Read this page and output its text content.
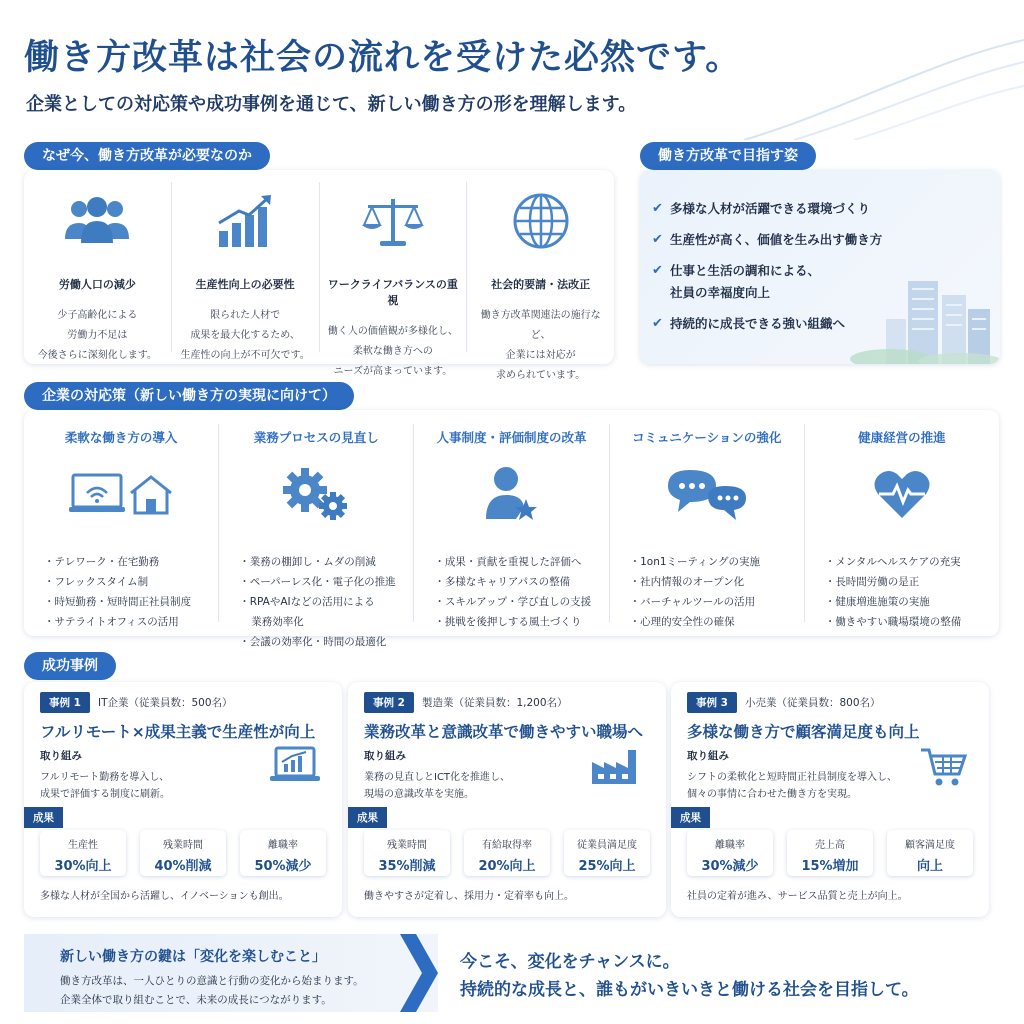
働き方改革は社会の流れを受けた必然です。
企業としての対応策や成功事例を通じて、新しい働き方の形を理解します。
なぜ今、働き方改革が必要なのか
労働人口の減少
少子高齢化による
労働力不足は
今後さらに深刻化します。
生産性向上の必要性
限られた人材で
成果を最大化するため、
生産性の向上が不可欠です。
ワークライフバランスの重視
働く人の価値観が多様化し、
柔軟な働き方への
ニーズが高まっています。
社会的要請・法改正
働き方改革関連法の施行など、
企業には対応が
求められています。
働き方改革で目指す姿
✔ 多様な人材が活躍できる環境づくり
✔ 生産性が高く、価値を生み出す働き方
✔ 仕事と生活の調和による、
社員の幸福度向上
✔ 持続的に成長できる強い組織へ
企業の対応策（新しい働き方の実現に向けて）
柔軟な働き方の導入
・ テレワーク・在宅勤務
・ フレックスタイム制
・ 時短勤務・短時間正社員制度
・ サテライトオフィスの活用
業務プロセスの見直し
・ 業務の棚卸し・ムダの削減
・ ペーパーレス化・電子化の推進
・ RPAやAIなどの活用による
業務効率化
・ 会議の効率化・時間の最適化
人事制度・評価制度の改革
・ 成果・貢献を重視した評価へ
・ 多様なキャリアパスの整備
・ スキルアップ・学び直しの支援
・ 挑戦を後押しする風土づくり
コミュニケーションの強化
・ 1on1ミーティングの実施
・ 社内情報のオープン化
・ バーチャルツールの活用
・ 心理的安全性の確保
健康経営の推進
・ メンタルヘルスケアの充実
・ 長時間労働の是正
・ 健康増進施策の実施
・ 働きやすい職場環境の整備
成功事例
事例 1	IT企業（従業員数：500名）
フルリモート×成果主義で生産性が向上
取り組み
フルリモート勤務を導入し、
成果で評価する制度に刷新。
成果
生産性
30%向上
残業時間
40%削減
離職率
50%減少
多様な人材が全国から活躍し、イノベーションも創出。
事例 2	製造業（従業員数：1,200名）
業務改革と意識改革で働きやすい職場へ
取り組み
業務の見直しとICT化を推進し、
現場の意識改革を実施。
成果
残業時間
35%削減
有給取得率
20%向上
従業員満足度
25%向上
働きやすさが定着し、採用力・定着率も向上。
事例 3	小売業（従業員数：800名）
多様な働き方で顧客満足度も向上
取り組み
シフトの柔軟化と短時間正社員制度を導入し、
個々の事情に合わせた働き方を実現。
成果
離職率
30%減少
売上高
15%増加
顧客満足度
向上
社員の定着が進み、サービス品質と売上が向上。
新しい働き方の鍵は「変化を楽しむこと」
働き方改革は、一人ひとりの意識と行動の変化から始まります。
企業全体で取り組むことで、未来の成長につながります。
今こそ、変化をチャンスに。
持続的な成長と、誰もがいきいきと働ける社会を目指して。
